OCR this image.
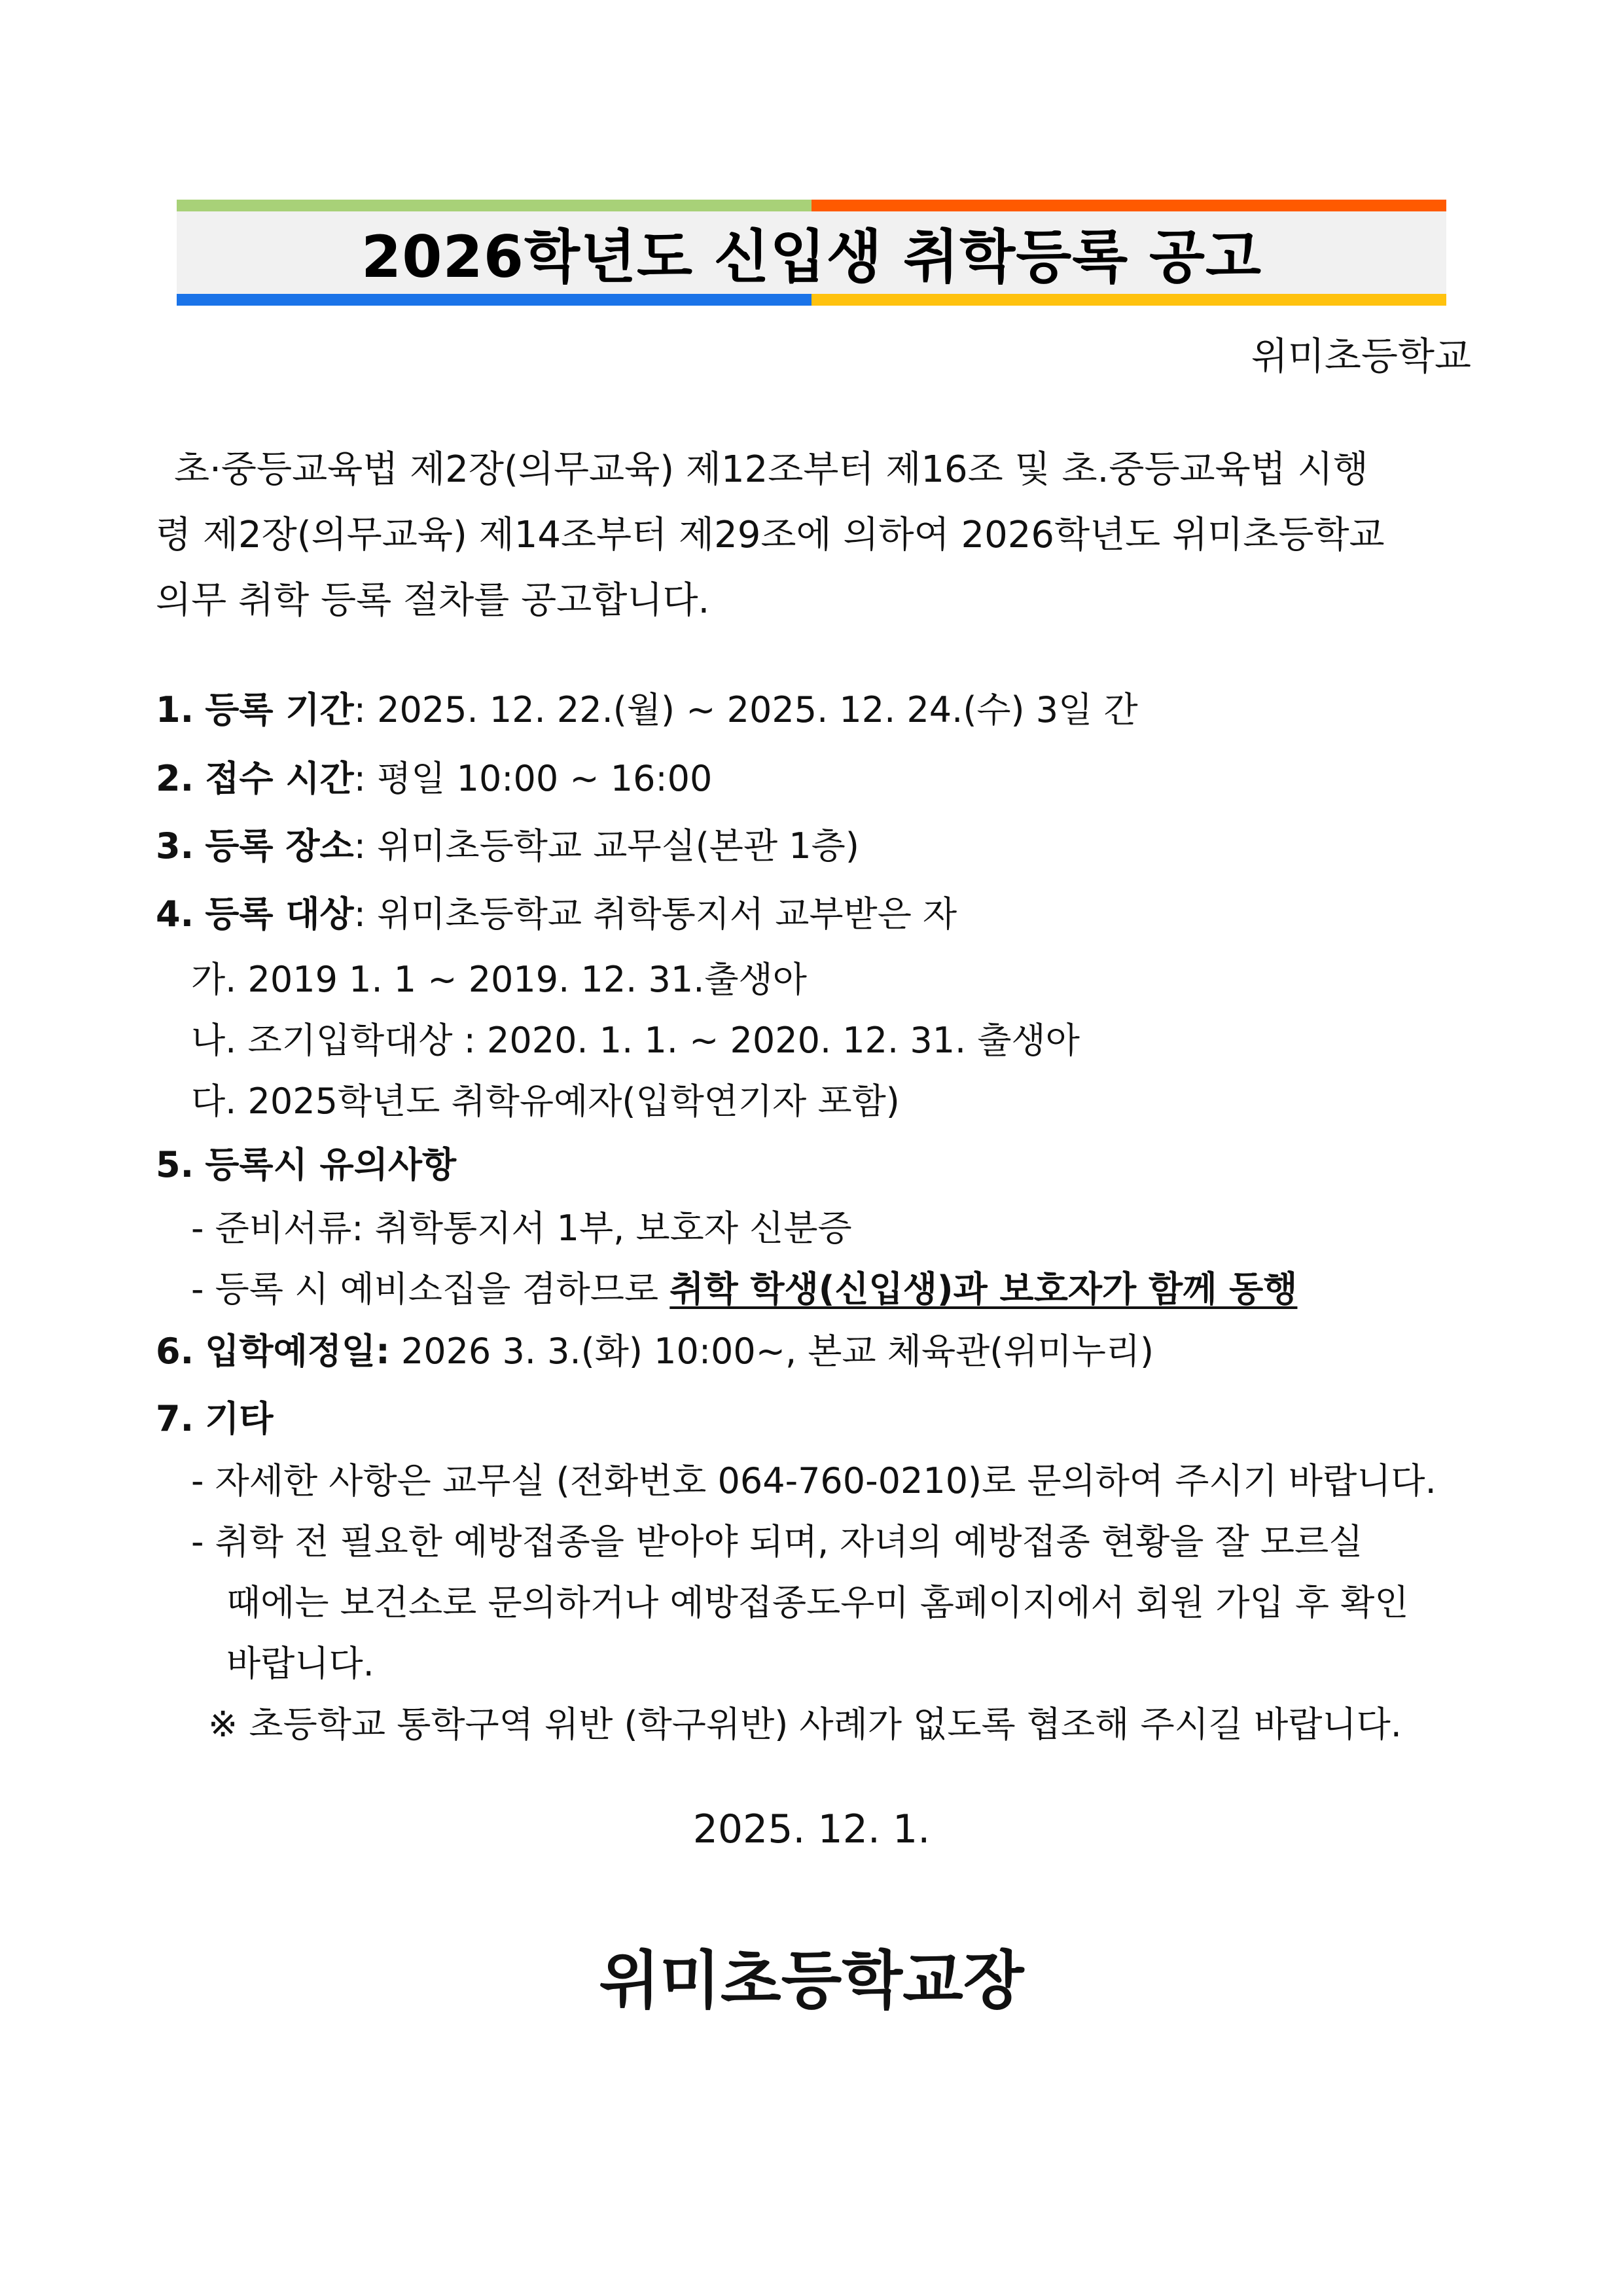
2026학년도 신입생 취학등록 공고
위미초등학교

초·중등교육법 제2장(의무교육) 제12조부터 제16조 및 초.중등교육법 시행

령 제2장(의무교육) 제14조부터 제29조에 의하여 2026학년도 위미초등학교

의무 취학 등록 절차를 공고합니다.

1. 등록 기간: 2025. 12. 22.(월) ~ 2025. 12. 24.(수) 3일 간
2. 접수 시간: 평일 10:00 ~ 16:00
3. 등록 장소: 위미초등학교 교무실(본관 1층)
4. 등록 대상: 위미초등학교 취학통지서 교부받은 자
가. 2019 1. 1 ~ 2019. 12. 31.출생아
나. 조기입학대상 : 2020. 1. 1. ~ 2020. 12. 31. 출생아
다. 2025학년도 취학유예자(입학연기자 포함)
5. 등록시 유의사항
- 준비서류: 취학통지서 1부, 보호자 신분증
- 등록 시 예비소집을 겸하므로 취학 학생(신입생)과 보호자가 함께 동행
6. 입학예정일: 2026 3. 3.(화) 10:00~, 본교 체육관(위미누리)
7. 기타
- 자세한 사항은 교무실 (전화번호 064-760-0210)로 문의하여 주시기 바랍니다.
- 취학 전 필요한 예방접종을 받아야 되며, 자녀의 예방접종 현황을 잘 모르실
때에는 보건소로 문의하거나 예방접종도우미 홈페이지에서 회원 가입 후 확인
바랍니다.
※ 초등학교 통학구역 위반 (학구위반) 사례가 없도록 협조해 주시길 바랍니다.
2025. 12. 1.
위미초등학교장
